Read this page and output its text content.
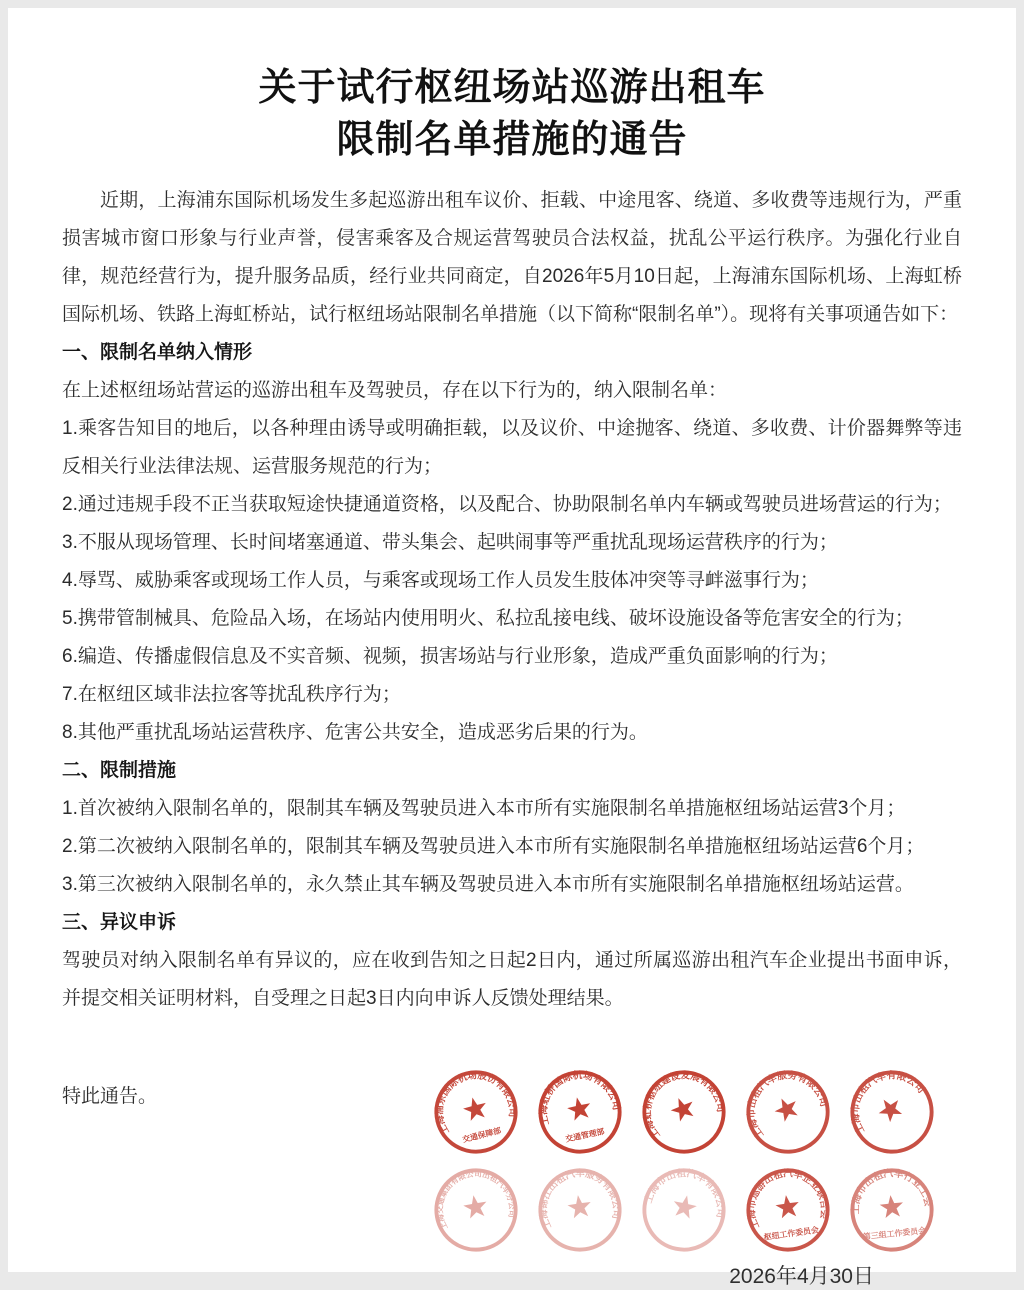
关于试行枢纽场站巡游出租车
限制名单措施的通告

近期，上海浦东国际机场发生多起巡游出租车议价、拒载、中途甩客、绕道、多收费等违规行为，严重损害城市窗口形象与行业声誉，侵害乘客及合规运营驾驶员合法权益，扰乱公平运行秩序。为强化行业自律，规范经营行为，提升服务品质，经行业共同商定，自2026年5月10日起，上海浦东国际机场、上海虹桥国际机场、铁路上海虹桥站，试行枢纽场站限制名单措施（以下简称“限制名单”）。现将有关事项通告如下：

一、限制名单纳入情形

在上述枢纽场站营运的巡游出租车及驾驶员，存在以下行为的，纳入限制名单：

1.乘客告知目的地后，以各种理由诱导或明确拒载，以及议价、中途抛客、绕道、多收费、计价器舞弊等违反相关行业法律法规、运营服务规范的行为；

2.通过违规手段不正当获取短途快捷通道资格，以及配合、协助限制名单内车辆或驾驶员进场营运的行为；

3.不服从现场管理、长时间堵塞通道、带头集会、起哄闹事等严重扰乱现场运营秩序的行为；

4.辱骂、威胁乘客或现场工作人员，与乘客或现场工作人员发生肢体冲突等寻衅滋事行为；

5.携带管制械具、危险品入场，在场站内使用明火、私拉乱接电线、破坏设施设备等危害安全的行为；

6.编造、传播虚假信息及不实音频、视频，损害场站与行业形象，造成严重负面影响的行为；

7.在枢纽区域非法拉客等扰乱秩序行为；

8.其他严重扰乱场站运营秩序、危害公共安全，造成恶劣后果的行为。

二、限制措施

1.首次被纳入限制名单的，限制其车辆及驾驶员进入本市所有实施限制名单措施枢纽场站运营3个月；

2.第二次被纳入限制名单的，限制其车辆及驾驶员进入本市所有实施限制名单措施枢纽场站运营6个月；

3.第三次被纳入限制名单的，永久禁止其车辆及驾驶员进入本市所有实施限制名单措施枢纽场站运营。

三、异议申诉

驾驶员对纳入限制名单有异议的，应在收到告知之日起2日内，通过所属巡游出租汽车企业提出书面申诉，并提交相关证明材料，自受理之日起3日内向申诉人反馈处理结果。

特此通告。
上海浦东国际机场股份有限公司
交通保障部
上海虹桥国际机场有限公司
交通管理部	上海虹桥枢纽建设发展有限公司
上海市出租汽车服务有限公司
上海市出租汽车有限公司
上海交通集团有限公司出租汽车分公司
上海锦江出租汽车服务有限公司
上海市出租汽车有限公司
上海市巡游出租汽车企业联合会
枢纽工作委员会
上海市出租汽车行业工会
第三组工作委员会
2026年4月30日
